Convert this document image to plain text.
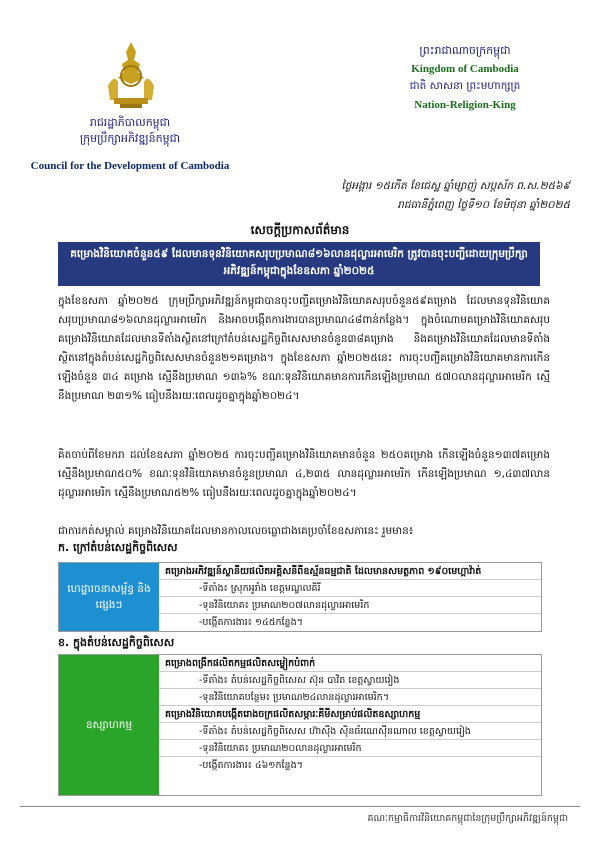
រាជរដ្ឋាភិបាលកម្ពុជា
ក្រុមប្រឹក្សាអភិវឌ្ឍន៍កម្ពុជា
Council for the Development of Cambodia
ព្រះរាជាណាចក្រកម្ពុជា
Kingdom of Cambodia
ជាតិ សាសនា ព្រះមហាក្សត្រ
Nation-Religion-King
ថ្ងៃអង្គារ ១៥កើត ខែជេស្ឋ ឆ្នាំម្សាញ់ សប្តស័ក ព.ស.២៥៦៩
រាជធានីភ្នំពេញ ថ្ងៃទី១០ ខែមិថុនា ឆ្នាំ២០២៥
សេចក្តីប្រកាសព័ត៌មាន
គម្រោងវិនិយោគចំនួន៥៩ ដែលមានទុនវិនិយោគសរុបប្រមាណ៨១៦លានដុល្លារអាមេរិក ត្រូវបានចុះបញ្ជីដោយក្រុមប្រឹក្សាអភិវឌ្ឍន៍កម្ពុជាក្នុងខែឧសភា ឆ្នាំ២០២៥
ក្នុងខែឧសភា ឆ្នាំ២០២៥ ក្រុមប្រឹក្សាអភិវឌ្ឍន៍កម្ពុជាបានចុះបញ្ជីគម្រោងវិនិយោគសរុបចំនួន៥៩គម្រោង ដែលមានទុនវិនិយោគសរុបប្រមាណ៨១៦លានដុល្លារអាមេរិក និងអាចបង្កើតការងារបានប្រមាណ៤៨ពាន់កន្លែង។ ក្នុងចំណោមគម្រោងវិនិយោគសរុប គម្រោងវិនិយោគដែលមានទីតាំងស្ថិតនៅក្រៅតំបន់សេដ្ឋកិច្ចពិសេសមានចំនួន៣៨គម្រោង និងគម្រោងវិនិយោគដែលមានទីតាំងស្ថិតនៅក្នុងតំបន់សេដ្ឋកិច្ចពិសេសមានចំនួន២១គម្រោង។ ក្នុងខែឧសភា ឆ្នាំ២០២៥នេះ ការចុះបញ្ជីគម្រោងវិនិយោគមានការកើនឡើងចំនួន ៣៤ គម្រោង ស្មើនឹងប្រមាណ ១៣៦% ខណៈទុនវិនិយោគមានការកើនឡើងប្រមាណ ៥៧០លានដុល្លារអាមេរិក ស្មើនឹងប្រមាណ ២៣១% ធៀបនឹងរយៈពេលដូចគ្នាក្នុងឆ្នាំ២០២៤។
គិតចាប់ពីខែមករា ដល់ខែឧសភា ឆ្នាំ២០២៥ ការចុះបញ្ជីគម្រោងវិនិយោគមានចំនួន ២៥០គម្រោង កើនឡើងចំនួន១៣៧គម្រោង ស្មើនឹងប្រមាណ៥០% ខណៈទុនវិនិយោគមានចំនួនប្រមាណ ៤,២៣៥ លានដុល្លារអាមេរិក កើនឡើងប្រមាណ ១,៤៣៧លានដុល្លារអាមេរិក ស្មើនឹងប្រមាណ៥២% ធៀបនឹងរយៈពេលដូចគ្នាក្នុងឆ្នាំ២០២៤។
ជាការកត់សម្គាល់ គម្រោងវិនិយោគដែលមានកាលលេចធ្លោជាងគេប្រចាំខែឧសភានេះ រួមមាន៖
ក. ក្រៅតំបន់សេដ្ឋកិច្ចពិសេស
ហេដ្ឋារចនាសម្ព័ន្ធ និងផ្សេងៗ
គម្រោងអភិវឌ្ឍន៍ស្ថានីយផលិតអគ្គិសនីពីឧស្ម័នធម្មជាតិ ដែលមានសមត្ថភាព ១៩០មេហ្គាវ៉ាត់
-ទីតាំង៖ ស្រុកអូរាំង ខេត្តមណ្ឌលគិរី
-ទុនវិនិយោគ៖ ប្រមាណ២០៧លានដុល្លារអាមេរិក
-បង្កើតការងារ៖ ១៤៥កន្លែង។
ខ. ក្នុងតំបន់សេដ្ឋកិច្ចពិសេស
ឧស្សាហកម្ម
គម្រោងពង្រីកផលិតកម្មផលិតសម្លៀកបំពាក់
-ទីតាំង៖ តំបន់សេដ្ឋកិច្ចពិសេស ស៊ុន បាវិត ខេត្តស្វាយរៀង
-ទុនវិនិយោគបន្ថែម៖ ប្រមាណ២៤លានដុល្លារអាមេរិក។
គម្រោងវិនិយោគបង្កើតរោងចក្រផលិតសម្ភារៈគីមីសម្រាប់ផលិតឧស្សាហកម្ម
-ទីតាំង៖ តំបន់សេដ្ឋកិច្ចពិសេស ហ៊ាស៊ីង ស៊ិនធ័រណេស៊ីនណាល ខេត្តស្វាយរៀង
-ទុនវិនិយោគ៖ ប្រមាណ២០លានដុល្លារអាមេរិក
-បង្កើតការងារ៖ ៤៦១កន្លែង។
គណៈកម្មាធិការវិនិយោគកម្ពុជានៃក្រុមប្រឹក្សាអភិវឌ្ឍន៍កម្ពុជា
